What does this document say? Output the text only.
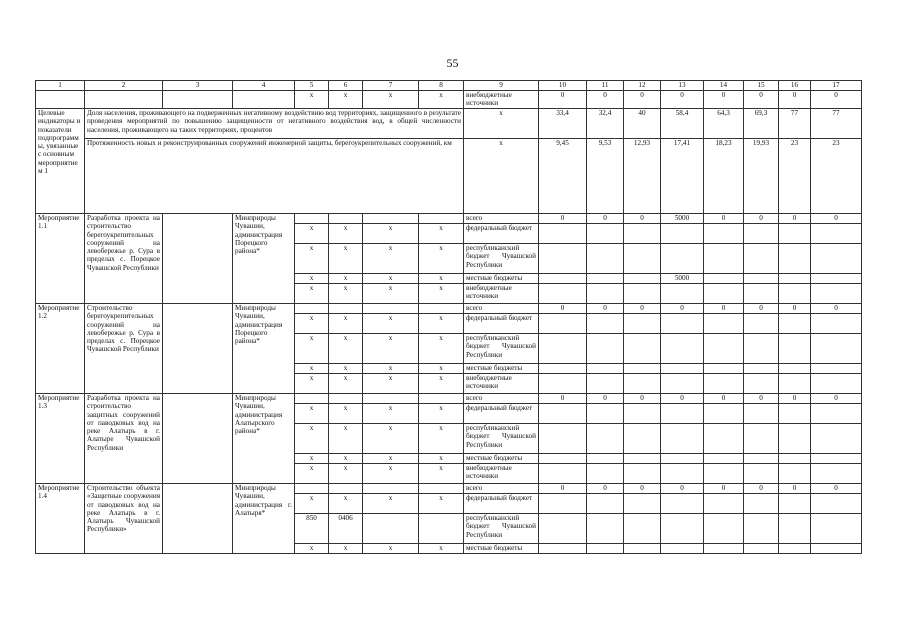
55
1	2	3	4	5	6	7	8	9	10	11	12	13	14	15	16	17
				х	х	х	х	внебюджетные источники	0	0	0	0	0	0	0	0
Целевые индикаторы и показатели подпрограммы, увязанные с основным мероприятием 1	Доля населения, проживающего на подверженных негативному воздействию вод территориях, защищенного в результате проведения мероприятий по повышению защищенности от негативного воздействия вод, в общей численности населения, проживающего на таких территориях, процентов							х	33,4	32,4	40	58,4	64,3	69,3	77	77
	Протяженность новых и реконструированных сооружений инженерной защиты, берегоукрепительных сооружений, км							х	9,45	9,53	12,93	17,41	18,23	19,93	23	23
Мероприятие 1.1	Разработка проекта на строительство берегоукрепительных сооружений на левобережье р. Сура в пределах с. Порецкое Чувашской Республики		Минприроды Чувашии, администрация Порецкого района*					всего	0	0	0	5000	0	0	0	0
				х	х	х	х	федеральный бюджет								
				х	х	х	х	республиканский бюджет Чувашской Республики								
				х	х	х	х	местные бюджеты				5000				
				х	х	х	х	внебюджетные источники								
Мероприятие 1.2	Строительство берегоукрепительных сооружений на левобережье р. Сура в пределах с. Порецкое Чувашской Республики		Минприроды Чувашии, администрация Порецкого района*					всего	0	0	0	0	0	0	0	0
				х	х	х	х	федеральный бюджет								
				х	х	х	х	республиканский бюджет Чувашской Республики								
				х	х	х	х	местные бюджеты								
				х	х	х	х	внебюджетные источники								
Мероприятие 1.3	Разработка проекта на строительство защитных сооружений от паводковых вод на реке Алатырь в г. Алатыре Чувашской Республики		Минприроды Чувашии, администрация Алатырского района*					всего	0	0	0	0	0	0	0	0
				х	х	х	х	федеральный бюджет								
				х	х	х	х	республиканский бюджет Чувашской Республики								
				х	х	х	х	местные бюджеты								
				х	х	х	х	внебюджетные источники								
Мероприятие 1.4	Строительство объекта «Защитные сооружения от паводковых вод на реке Алатырь в г. Алатырь Чувашской Республики»		Минприроды Чувашии, администрация г. Алатыря*					всего	0	0	0	0	0	0	0	0
				х	х	х	х	федеральный бюджет								
				850	0406			республиканский бюджет Чувашской Республики								
				х	х	х	х	местные бюджеты								
